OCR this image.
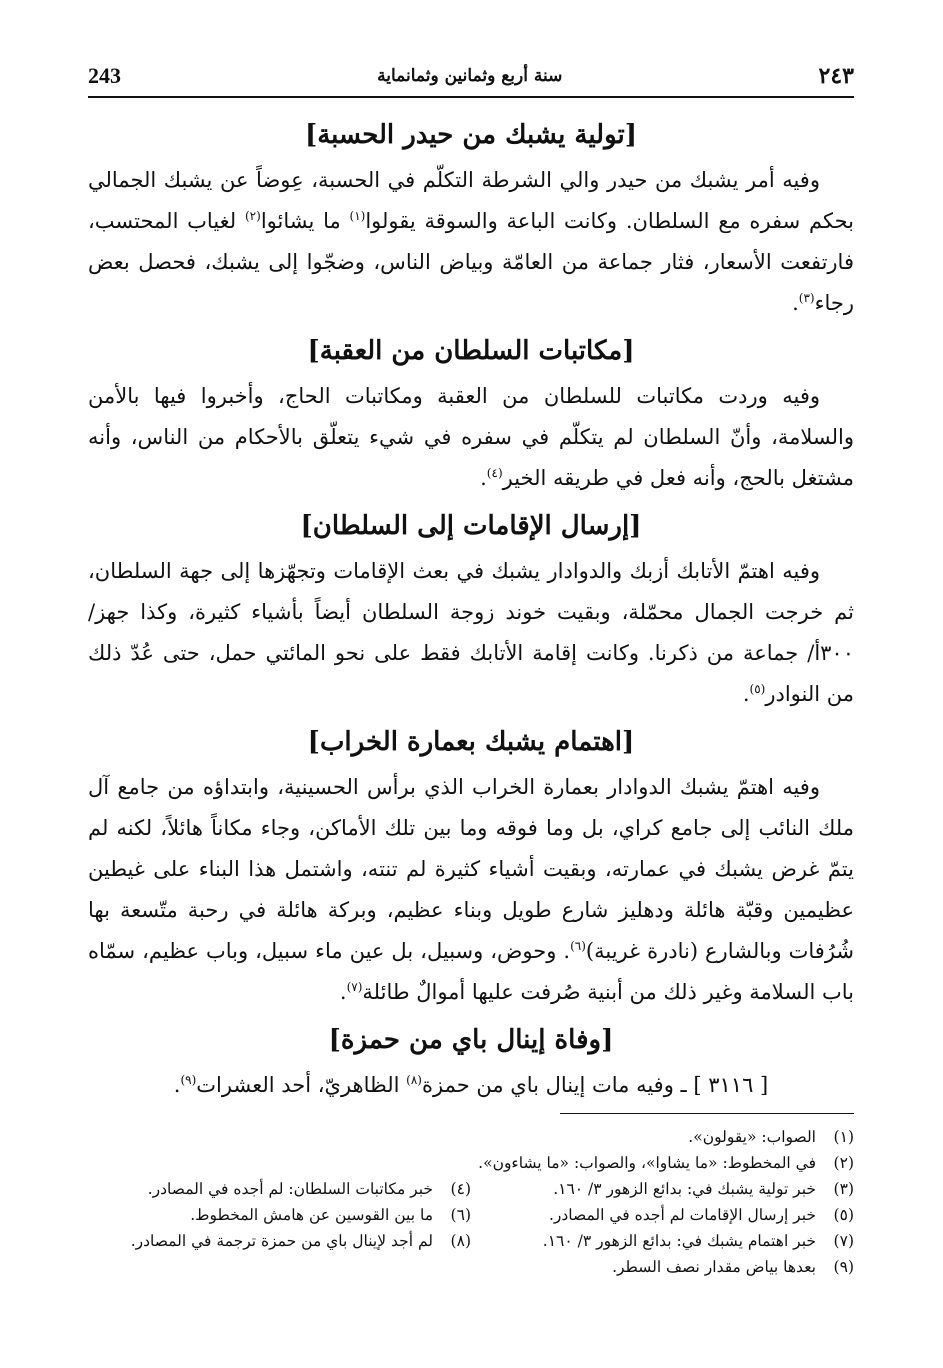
243	سنة أربع وثمانين وثمانماية	٢٤٣
[تولية يشبك من حيدر الحسبة]

وفيه أمر يشبك من حيدر والي الشرطة التكلّم في الحسبة، عِوضاً عن يشبك الجمالي بحكم سفره مع السلطان. وكانت الباعة والسوقة يقولوا$^{(١)}$ ما يشائوا$^{(٢)}$ لغياب المحتسب، فارتفعت الأسعار، فثار جماعة من العامّة وبياض الناس، وضجّوا إلى يشبك، فحصل بعض رجاء$^{(٣)}$.

[مكاتبات السلطان من العقبة]

وفيه وردت مكاتبات للسلطان من العقبة ومكاتبات الحاج، وأخبروا فيها بالأمن والسلامة، وأنّ السلطان لم يتكلّم في سفره في شيء يتعلّق بالأحكام من الناس، وأنه مشتغل بالحج، وأنه فعل في طريقه الخير$^{(٤)}$.

[إرسال الإقامات إلى السلطان]

وفيه اهتمّ الأتابك أزبك والدوادار يشبك في بعث الإقامات وتجهّزها إلى جهة السلطان، ثم خرجت الجمال محمّلة، وبقيت خوند زوجة السلطان أيضاً بأشياء كثيرة، وكذا جهز/ ٣٠٠أ/ جماعة من ذكرنا. وكانت إقامة الأتابك فقط على نحو المائتي حمل، حتى عُدّ ذلك من النوادر$^{(٥)}$.

[اهتمام يشبك بعمارة الخراب]

وفيه اهتمّ يشبك الدوادار بعمارة الخراب الذي برأس الحسينية، وابتداؤه من جامع آل ملك النائب إلى جامع كراي، بل وما فوقه وما بين تلك الأماكن، وجاء مكاناً هائلاً، لكنه لم يتمّ غرض يشبك في عمارته، وبقيت أشياء كثيرة لم تنته، واشتمل هذا البناء على غيطين عظيمين وقبّة هائلة ودهليز شارع طويل وبناء عظيم، وبركة هائلة في رحبة متّسعة بها شُرُفات وبالشارع (نادرة غريبة)$^{(٦)}$. وحوض، وسبيل، بل عين ماء سبيل، وباب عظيم، سمّاه باب السلامة وغير ذلك من أبنية صُرفت عليها أموالٌ طائلة$^{(٧)}$.

[وفاة إينال باي من حمزة]

[ ٣١١٦ ] ـ وفيه مات إينال باي من حمزة$^{(٨)}$ الظاهريّ، أحد العشرات$^{(٩)}$.

(١)
الصواب: «يقولون».
(٢)
في المخطوط: «ما يشاوا»، والصواب: «ما يشاءون».
(٣)
خبر تولية يشبك في: بدائع الزهور ٣/ ١٦٠.
(٤)
خبر مكاتبات السلطان: لم أجده في المصادر.
(٥)
خبر إرسال الإقامات لم أجده في المصادر.
(٦)
ما بين القوسين عن هامش المخطوط.
(٧)
خبر اهتمام يشبك في: بدائع الزهور ٣/ ١٦٠.
(٨)
لم أجد لإينال باي من حمزة ترجمة في المصادر.
(٩)
بعدها بياض مقدار نصف السطر.
